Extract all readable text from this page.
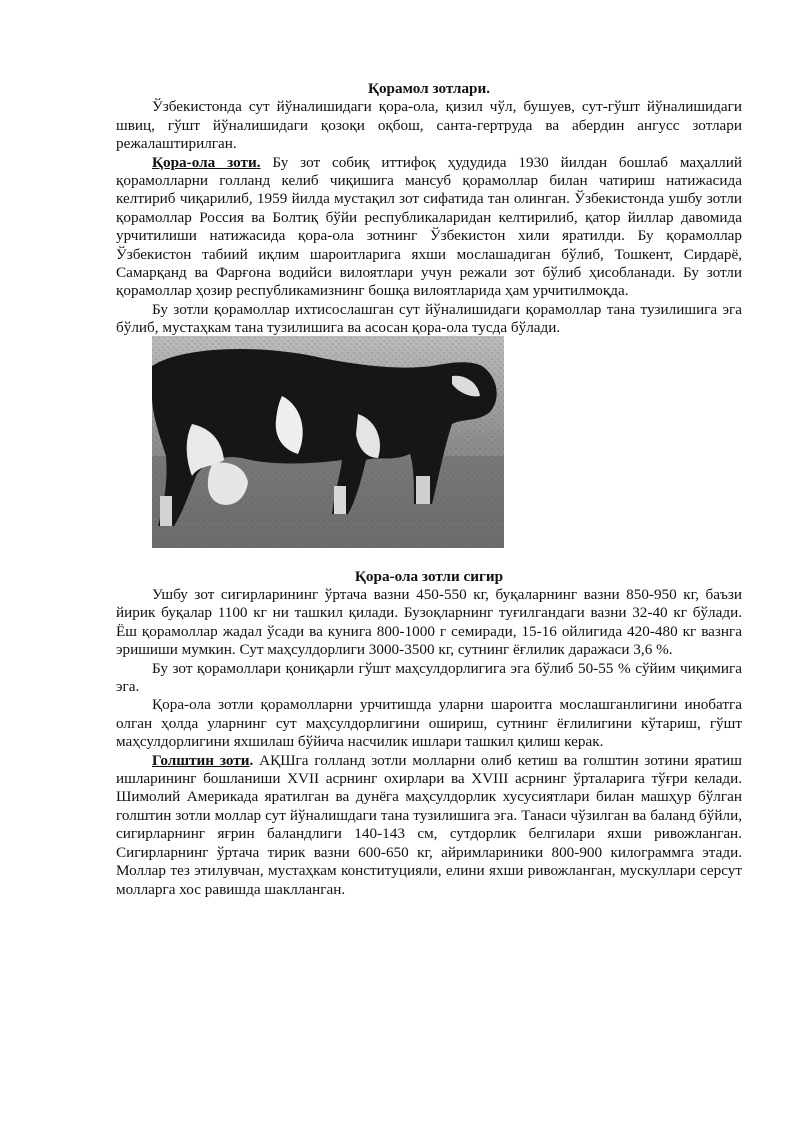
Қорамол зотлари.

Ўзбекистонда сут йўналишидаги қора-ола, қизил чўл, бушуев, сут-гўшт йўналишидаги швиц, гўшт йўналишидаги қозоқи оқбош, санта-гертруда ва абердин ангусс зотлари режалаштирилган.

Қора-ола зоти. Бу зот собиқ иттифоқ ҳудудида 1930 йилдан бошлаб маҳаллий қорамолларни голланд келиб чиқишига мансуб қорамоллар билан чатириш натижасида келтириб чиқарилиб, 1959 йилда мустақил зот сифатида тан олинган. Ўзбекистонда ушбу зотли қорамоллар Россия ва Болтиқ бўйи республикаларидан келтирилиб, қатор йиллар давомида урчитилиши натижасида қора-ола зотнинг Ўзбекистон хили яратилди. Бу қорамоллар Ўзбекистон табиий иқлим шароитларига яхши мослашадиган бўлиб, Тошкент, Сирдарё, Самарқанд ва Фарғона водийси вилоятлари учун режали зот бўлиб ҳисобланади. Бу зотли қорамоллар ҳозир республикамизнинг бошқа вилоятларида ҳам урчитилмоқда.

Бу зотли қорамоллар ихтисослашган сут йўналишидаги қорамоллар тана тузилишига эга бўлиб, мустаҳкам тана тузилишига ва асосан қора-ола тусда бўлади.

Қора-ола зотли сигир

Ушбу зот сигирларининг ўртача вазни 450-550 кг, буқаларнинг вазни 850-950 кг, баъзи йирик буқалар 1100 кг ни ташкил қилади. Бузоқларнинг туғилгандаги вазни 32-40 кг бўлади. Ёш қорамоллар жадал ўсади ва кунига 800-1000 г семиради, 15-16 ойлигида 420-480 кг вазнга эришиши мумкин. Сут маҳсулдорлиги 3000-3500 кг, сутнинг ёғлилик даражаси 3,6 %.

Бу зот қорамоллари қониқарли гўшт маҳсулдорлигига эга бўлиб 50-55 % сўйим чиқимига эга.

Қора-ола зотли қорамолларни урчитишда уларни шароитга мослашганлигини инобатга олган ҳолда уларнинг сут маҳсулдорлигини ошириш, сутнинг ёғлилигини кўтариш, гўшт маҳсулдорлигини яхшилаш бўйича насчилик ишлари ташкил қилиш керак.

Голштин зоти. АҚШга голланд зотли молларни олиб кетиш ва голштин зотини яратиш ишларининг бошланиши XVII асрнинг охирлари ва XVIII асрнинг ўрталарига тўғри келади. Шимолий Америкада яратилган ва дунёга маҳсулдорлик хусусиятлари билан машҳур бўлган голштин зотли моллар сут йўналишдаги тана тузилишига эга. Танаси чўзилган ва баланд бўйли, сигирларнинг яғрин баландлиги 140-143 см, сутдорлик белгилари яхши ривожланган. Сигирларнинг ўртача тирик вазни 600-650 кг, айримлариники 800-900 килограммга этади. Моллар тез этилувчан, мустаҳкам конституцияли, елини яхши ривожланган, мускуллари серсут молларга хос равишда шаклланган.
